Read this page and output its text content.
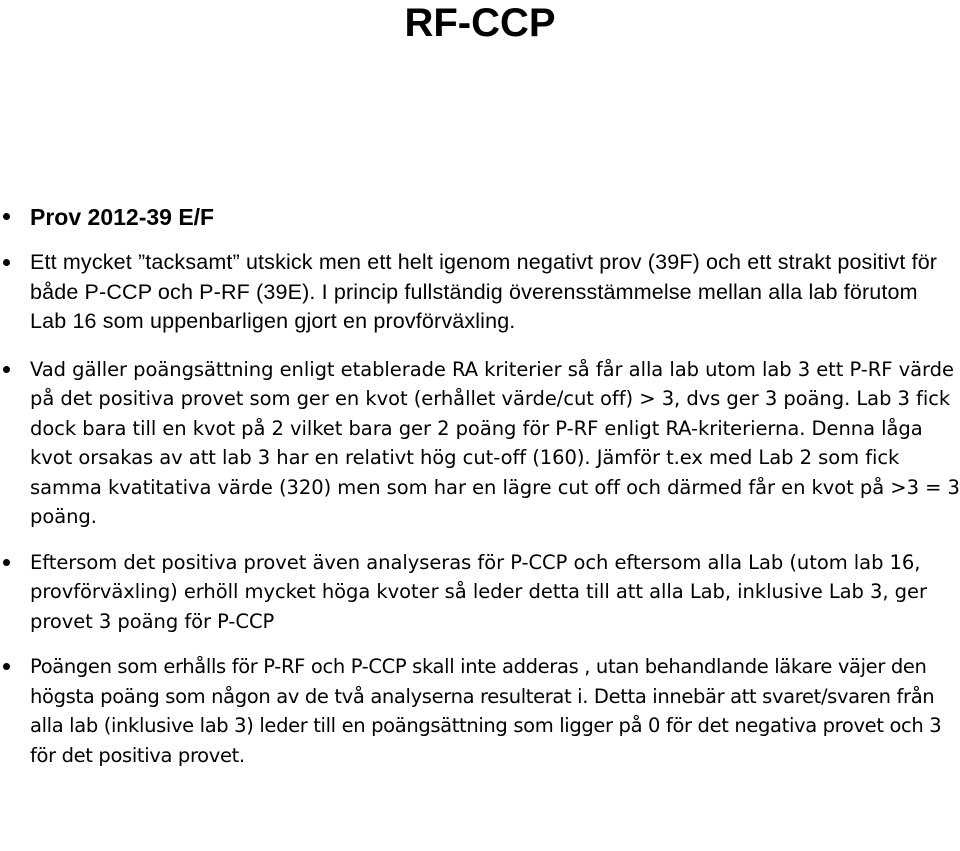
RF-CCP
Prov 2012-39 E/F
Ett mycket ”tacksamt” utskick men ett helt igenom negativt prov (39F) och ett strakt positivt för både P-CCP och P-RF (39E). I princip fullständig överensstämmelse mellan alla lab förutom Lab 16 som uppenbarligen gjort en provförväxling.
Vad gäller poängsättning enligt etablerade RA kriterier så får alla lab utom lab 3 ett P-RF värde på det positiva provet som ger en kvot (erhållet värde/cut off) > 3, dvs ger 3 poäng. Lab 3 fick dock bara till en kvot på 2 vilket bara ger 2 poäng för P-RF enligt RA-kriterierna. Denna låga kvot orsakas av att lab 3 har en relativt hög cut-off (160). Jämför t.ex med Lab 2 som fick samma kvatitativa värde (320) men som har en lägre cut off och därmed får en kvot på >3 = 3 poäng.
Eftersom det positiva provet även analyseras för P-CCP och eftersom alla Lab (utom lab 16, provförväxling) erhöll mycket höga kvoter så leder detta till att alla Lab, inklusive Lab 3, ger provet 3 poäng för P-CCP
Poängen som erhålls för P-RF och P-CCP skall inte adderas , utan behandlande läkare väjer den högsta poäng som någon av de två analyserna resulterat i. Detta innebär att svaret/svaren från alla lab (inklusive lab 3) leder till en poängsättning som ligger på 0 för det negativa provet och 3 för det positiva provet.
